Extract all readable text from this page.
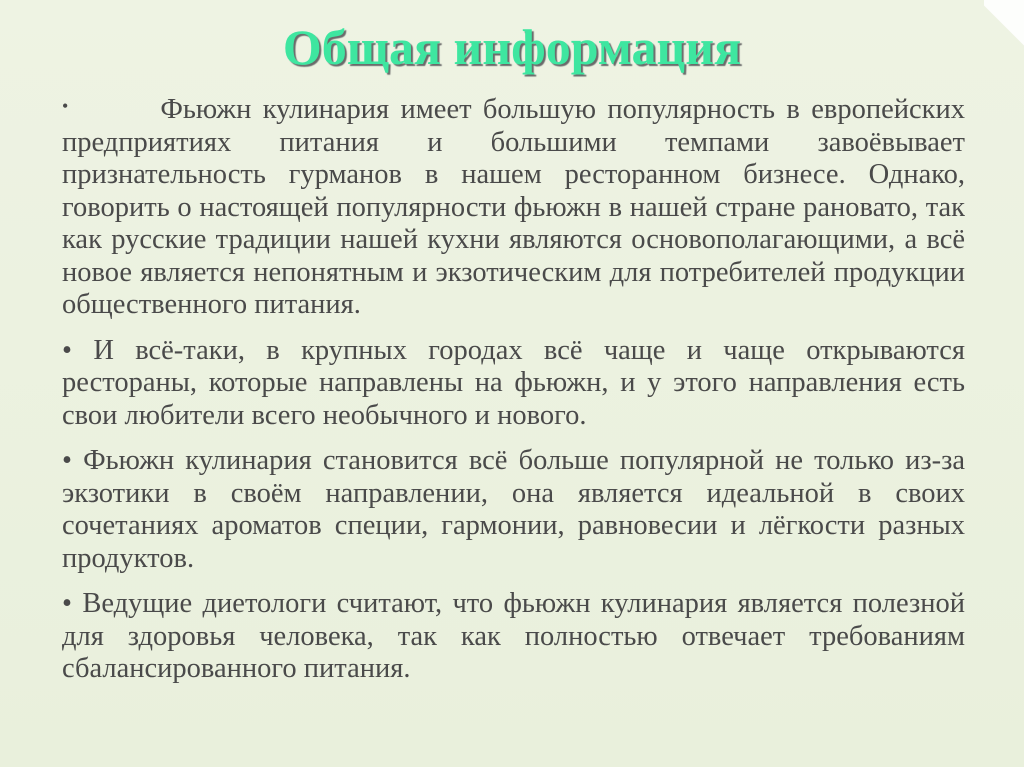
Общая информация

•	Фьюжн кулинария имеет большую популярность в европейских предприятиях питания и большими темпами завоёвывает признательность гурманов в нашем ресторанном бизнесе. Однако, говорить о настоящей популярности фьюжн в нашей стране рановато, так как русские традиции нашей кухни являются основополагающими, а всё новое является непонятным и экзотическим для потребителей продукции общественного питания.

• И всё-таки, в крупных городах всё чаще и чаще открываются рестораны, которые направлены на фьюжн, и у этого направления есть свои любители всего необычного и нового.

• Фьюжн кулинария становится всё больше популярной не только из-за экзотики в своём направлении, она является идеальной в своих сочетаниях ароматов специи, гармонии, равновесии и лёгкости разных продуктов.

• Ведущие диетологи считают, что фьюжн кулинария является полезной для здоровья человека, так как полностью отвечает требованиям сбалансированного питания.
